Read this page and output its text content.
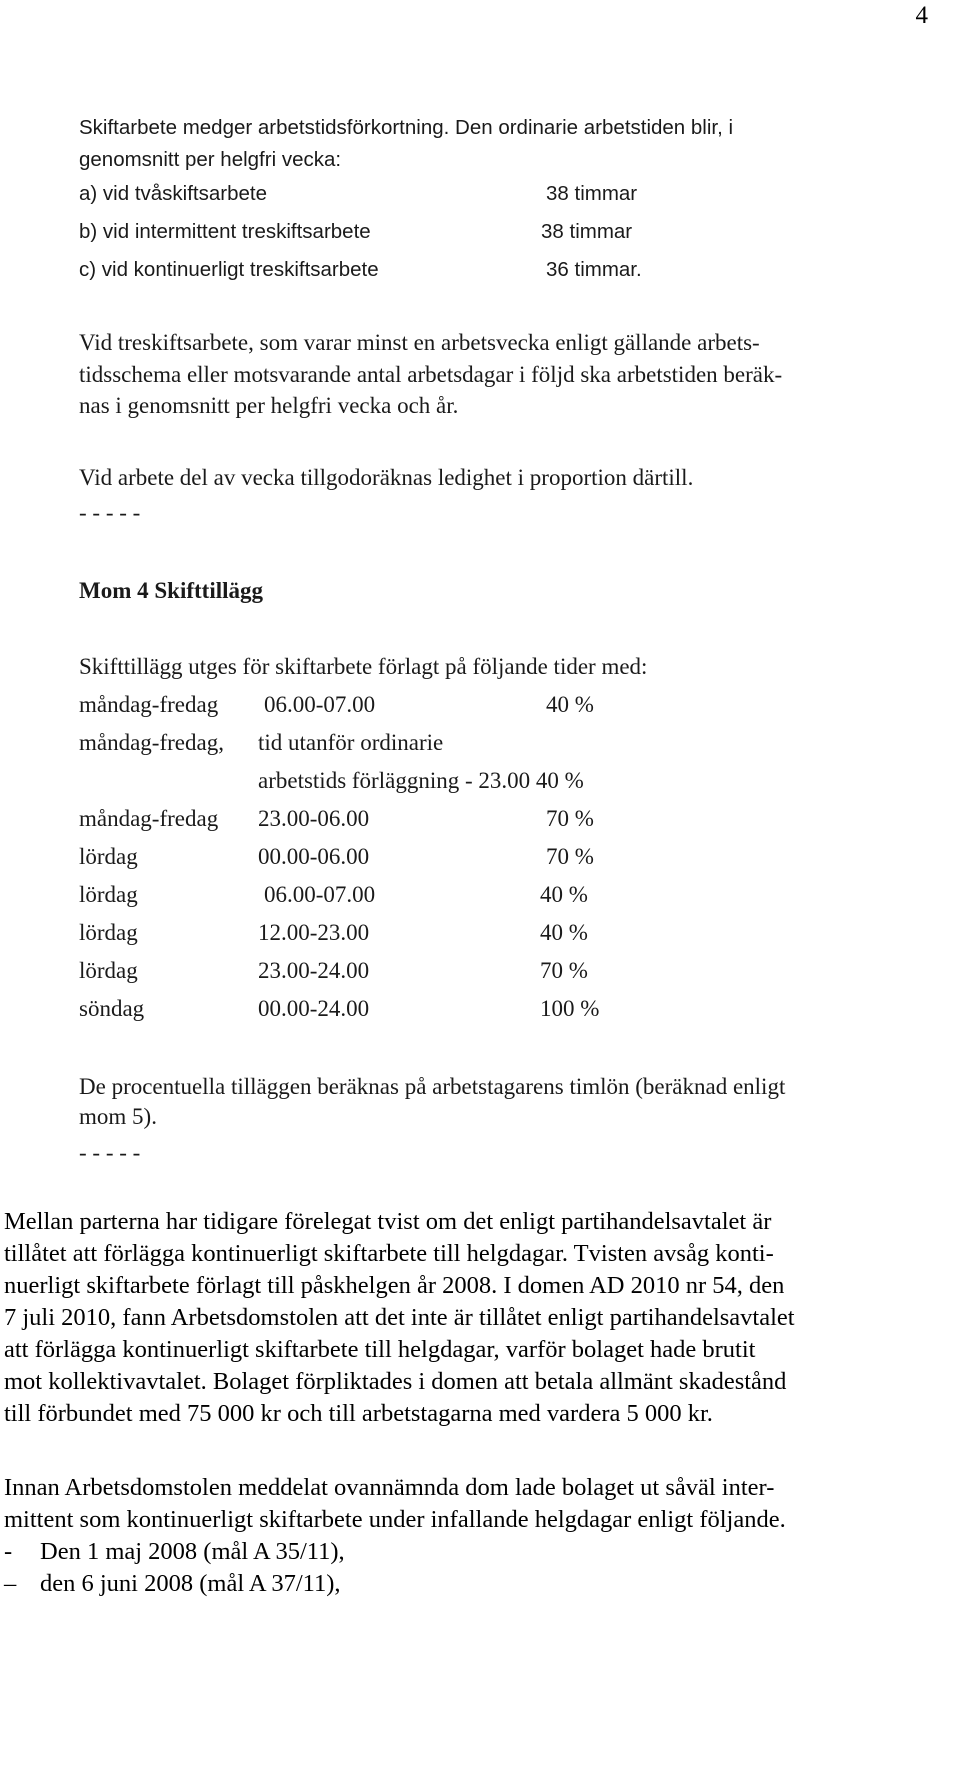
4
Skiftarbete medger arbetstidsförkortning. Den ordinarie arbetstiden blir, i
genomsnitt per helgfri vecka:
a) vid tvåskiftsarbete	38 timmar
b) vid intermittent treskiftsarbete	38 timmar
c) vid kontinuerligt treskiftsarbete	36 timmar.
Vid treskiftsarbete, som varar minst en arbetsvecka enligt gällande arbets-
tidsschema eller motsvarande antal arbetsdagar i följd ska arbetstiden beräk-
nas i genomsnitt per helgfri vecka och år.
Vid arbete del av vecka tillgodoräknas ledighet i proportion därtill.
- - - - -
Mom 4 Skifttillägg
Skifttillägg utges för skiftarbete förlagt på följande tider med:
måndag-fredag 06.00-07.00	40 %
måndag-fredag, tid utanför ordinarie
arbetstids förläggning - 23.00 40 %
måndag-fredag 23.00-06.00	70 %
lördag	00.00-06.00	70 %
lördag	06.00-07.00	40 %
lördag	12.00-23.00	40 %
lördag	23.00-24.00	70 %
söndag	00.00-24.00	100 %
De procentuella tilläggen beräknas på arbetstagarens timlön (beräknad enligt
mom 5).
- - - - -
Mellan parterna har tidigare förelegat tvist om det enligt partihandelsavtalet är
tillåtet att förlägga kontinuerligt skiftarbete till helgdagar. Tvisten avsåg konti-
nuerligt skiftarbete förlagt till påskhelgen år 2008. I domen AD 2010 nr 54, den
7 juli 2010, fann Arbetsdomstolen att det inte är tillåtet enligt partihandelsavtalet
att förlägga kontinuerligt skiftarbete till helgdagar, varför bolaget hade brutit
mot kollektivavtalet. Bolaget förpliktades i domen att betala allmänt skadestånd
till förbundet med 75 000 kr och till arbetstagarna med vardera 5 000 kr.
Innan Arbetsdomstolen meddelat ovannämnda dom lade bolaget ut såväl inter-
mittent som kontinuerligt skiftarbete under infallande helgdagar enligt följande.
- Den 1 maj 2008 (mål A 35/11),
– den 6 juni 2008 (mål A 37/11),
